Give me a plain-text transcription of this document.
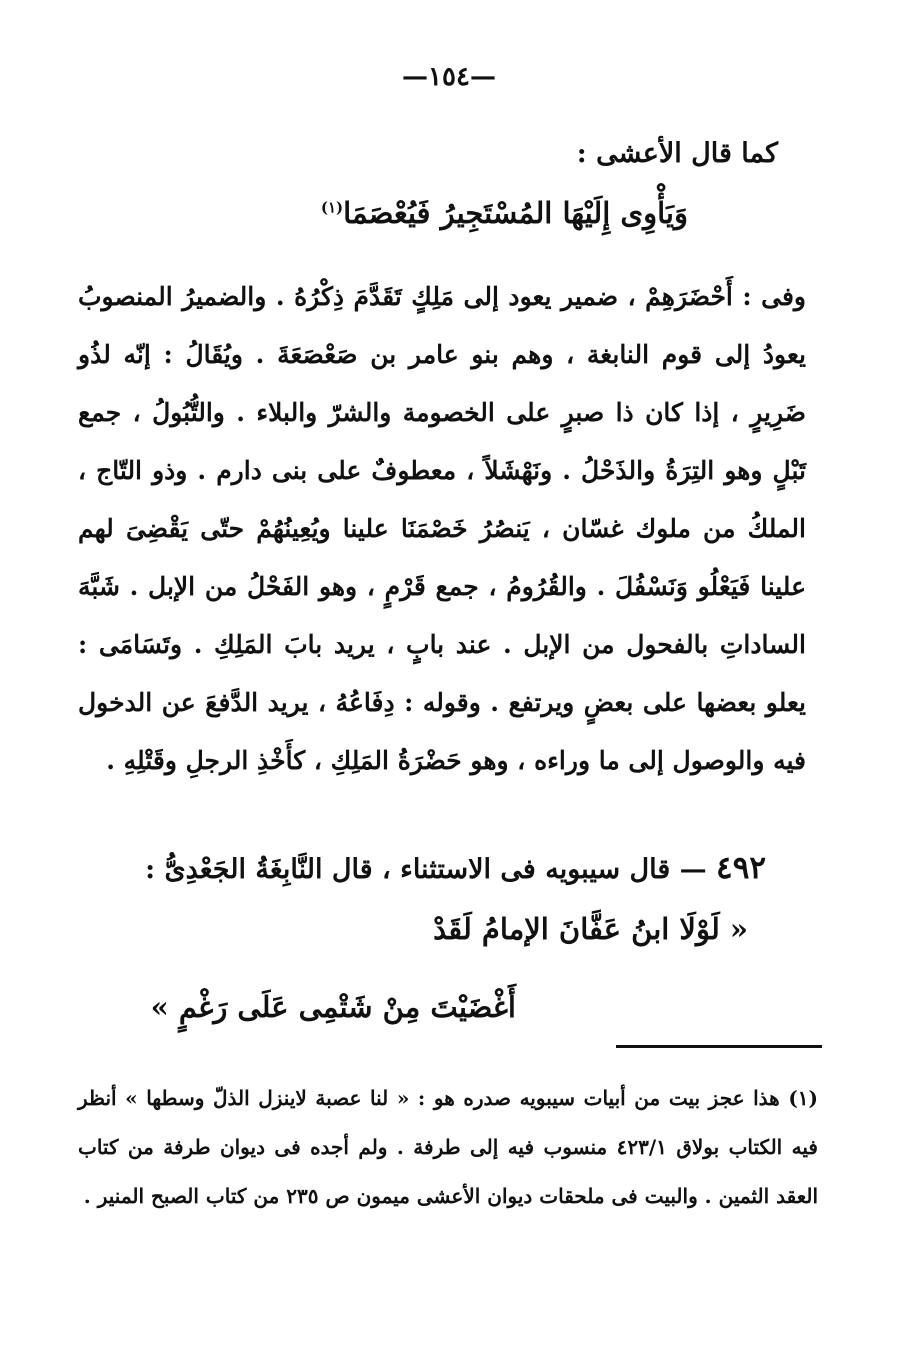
—١٥٤—
كما قال الأعشى :
وَيَأْوِى إِلَيْهَا المُسْتَجِيرُ فَيُعْصَمَا$^{(١)}$

وفى : أَحْضَرَهِمْ ، ضمير يعود إلى مَلِكٍ تَقَدَّمَ ذِكْرُهُ . والضميرُ المنصوبُ يعودُ إلى قوم النابغة ، وهم بنو عامر بن صَعْصَعَةَ . ويُقَالُ : إنّه لذُو ضَرِيرٍ ، إذا كان ذا صبرٍ على الخصومة والشرّ والبلاء . والتُّبُولُ ، جمع تَبْلٍ وهو التِرَةُ والذَحْلُ . ونَهْشَلاً ، معطوفٌ على بنى دارم . وذو التّاج ، الملكُ من ملوك غسّان ، يَنصُرُ خَصْمَنَا علينا ويُعِينُهُمْ حتّى يَقْضِىَ لهم علينا فَيَعْلُو وَنَسْفُلَ . والقُرُومُ ، جمع قَرْمٍ ، وهو الفَحْلُ من الإبل . شَبَّهَ الساداتِ بالفحول من الإبل . عند بابٍ ، يريد بابَ المَلِكِ . وتَسَامَى : يعلو بعضها على بعضٍ ويرتفع . وقوله : دِفَاعُهُ ، يريد الدَّفعَ عن الدخول فيه والوصول إلى ما وراءه ، وهو حَضْرَةُ المَلِكِ ، كأَخْذِ الرجلِ وقَتْلِهِ .

٤٩٢ — قال سيبويه فى الاستثناء ، قال النَّابِغَةُ الجَعْدِىُّ :
« لَوْلَا ابنُ عَفَّانَ الإمامُ لَقَدْ
أَغْضَيْتَ مِنْ شَتْمِى عَلَى رَغْمٍ »

(١) هذا عجز بيت من أبيات سيبويه صدره هو : « لنا عصبة لاينزل الذلّ وسطها » أنظر فيه الكتاب بولاق ٤٢٣/١ منسوب فيه إلى طرفة . ولم أجده فى ديوان طرفة من كتاب العقد الثمين . والبيت فى ملحقات ديوان الأعشى ميمون ص ٢٣٥ من كتاب الصبح المنير .
